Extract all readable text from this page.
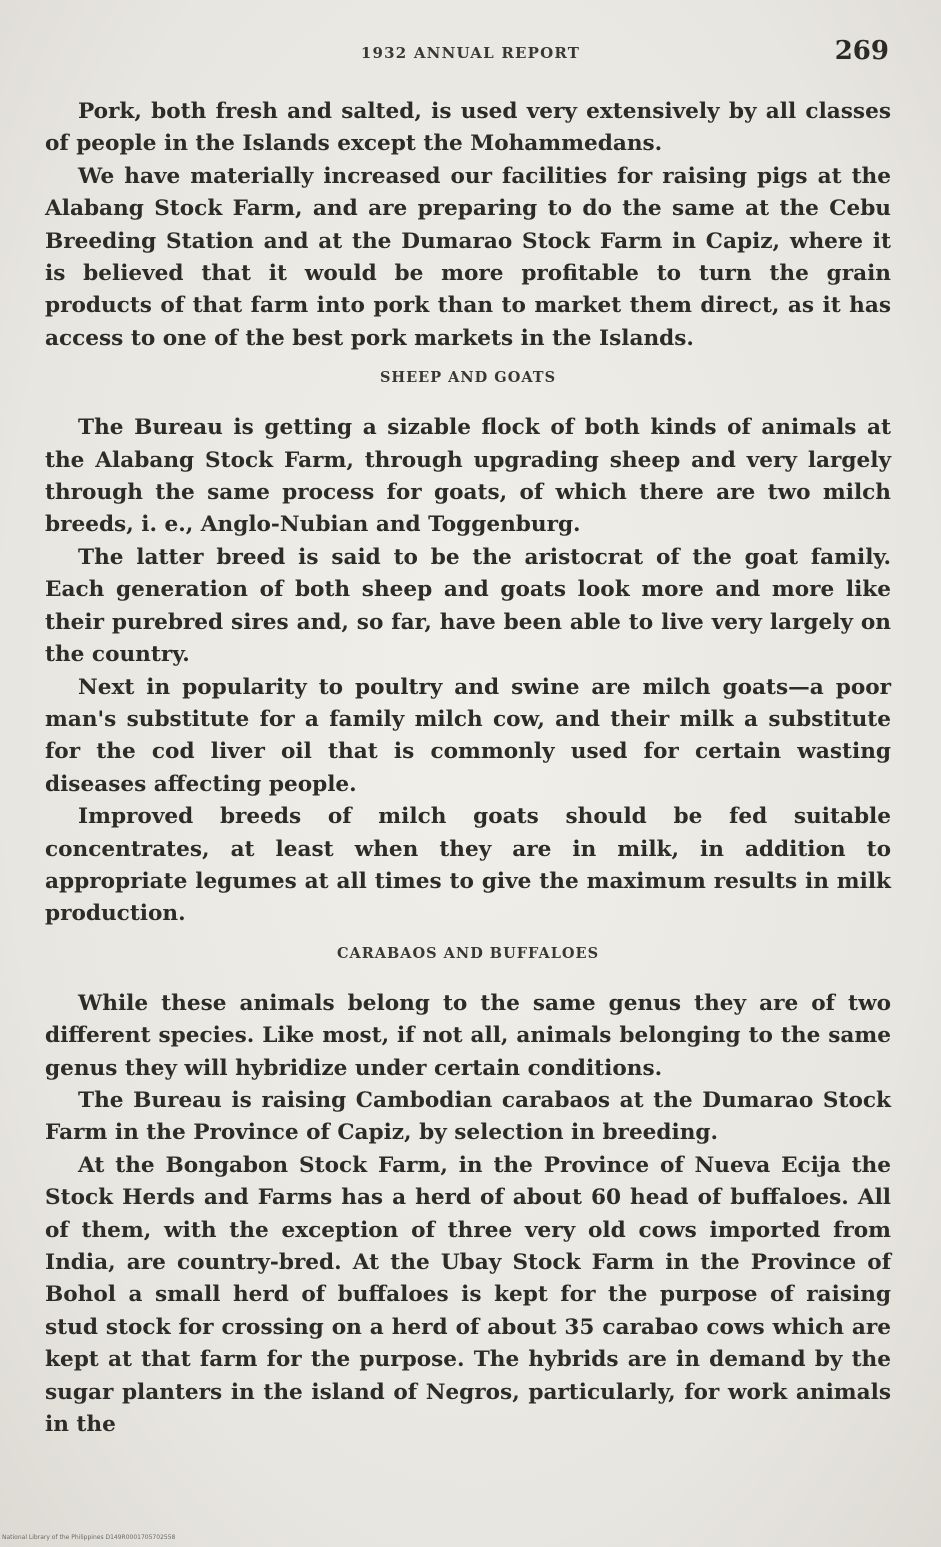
1932 ANNUAL REPORT	269

Pork, both fresh and salted, is used very extensively by all classes of people in the Islands except the Mohammedans.

We have materially increased our facilities for raising pigs at the Alabang Stock Farm, and are preparing to do the same at the Cebu Breeding Station and at the Dumarao Stock Farm in Capiz, where it is believed that it would be more profitable to turn the grain products of that farm into pork than to market them direct, as it has access to one of the best pork markets in the Islands.

SHEEP AND GOATS

The Bureau is getting a sizable flock of both kinds of animals at the Alabang Stock Farm, through upgrading sheep and very largely through the same process for goats, of which there are two milch breeds, i. e., Anglo-Nubian and Toggenburg.

The latter breed is said to be the aristocrat of the goat family. Each generation of both sheep and goats look more and more like their purebred sires and, so far, have been able to live very largely on the country.

Next in popularity to poultry and swine are milch goats—a poor man's substitute for a family milch cow, and their milk a substitute for the cod liver oil that is commonly used for certain wasting diseases affecting people.

Improved breeds of milch goats should be fed suitable concentrates, at least when they are in milk, in addition to appropriate legumes at all times to give the maximum results in milk production.

CARABAOS AND BUFFALOES

While these animals belong to the same genus they are of two different species. Like most, if not all, animals belonging to the same genus they will hybridize under certain conditions.

The Bureau is raising Cambodian carabaos at the Dumarao Stock Farm in the Province of Capiz, by selection in breeding.

At the Bongabon Stock Farm, in the Province of Nueva Ecija the Stock Herds and Farms has a herd of about 60 head of buffaloes. All of them, with the exception of three very old cows imported from India, are country-bred. At the Ubay Stock Farm in the Province of Bohol a small herd of buffaloes is kept for the purpose of raising stud stock for crossing on a herd of about 35 carabao cows which are kept at that farm for the purpose. The hybrids are in demand by the sugar planters in the island of Negros, particularly, for work animals in the

National Library of the Philippines D149R0001705702558
